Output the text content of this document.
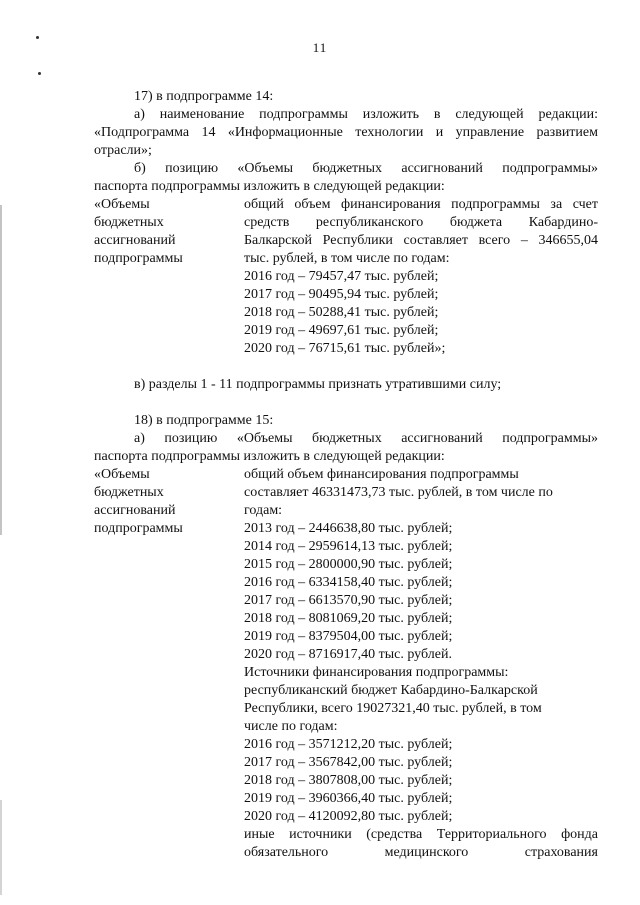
11

17) в подпрограмме 14:

а) наименование подпрограммы изложить в следующей редакции:

«Подпрограмма 14 «Информационные технологии и управление развитием

отрасли»;

б) позицию «Объемы бюджетных ассигнований подпрограммы»

паспорта подпрограммы изложить в следующей редакции:

«Объемы

бюджетных

ассигнований

подпрограммы

общий объем финансирования подпрограммы за счет

средств республиканского бюджета Кабардино-

Балкарской Республики составляет всего – 346655,04

тыс. рублей, в том числе по годам:

2016 год – 79457,47 тыс. рублей;

2017 год – 90495,94 тыс. рублей;

2018 год – 50288,41 тыс. рублей;

2019 год – 49697,61 тыс. рублей;

2020 год – 76715,61 тыс. рублей»;

в) разделы 1 - 11 подпрограммы признать утратившими силу;

18) в подпрограмме 15:

а) позицию «Объемы бюджетных ассигнований подпрограммы»

паспорта подпрограммы изложить в следующей редакции:

«Объемы

бюджетных

ассигнований

подпрограммы

общий объем финансирования подпрограммы

составляет 46331473,73 тыс. рублей, в том числе по

годам:

2013 год – 2446638,80 тыс. рублей;

2014 год – 2959614,13 тыс. рублей;

2015 год – 2800000,90 тыс. рублей;

2016 год – 6334158,40 тыс. рублей;

2017 год – 6613570,90 тыс. рублей;

2018 год – 8081069,20 тыс. рублей;

2019 год – 8379504,00 тыс. рублей;

2020 год – 8716917,40 тыс. рублей.

Источники финансирования подпрограммы:

республиканский бюджет Кабардино-Балкарской

Республики, всего 19027321,40 тыс. рублей, в том

числе по годам:

2016 год – 3571212,20 тыс. рублей;

2017 год – 3567842,00 тыс. рублей;

2018 год – 3807808,00 тыс. рублей;

2019 год – 3960366,40 тыс. рублей;

2020 год – 4120092,80 тыс. рублей;

иные источники (средства Территориального фонда

обязательного медицинского страхования
